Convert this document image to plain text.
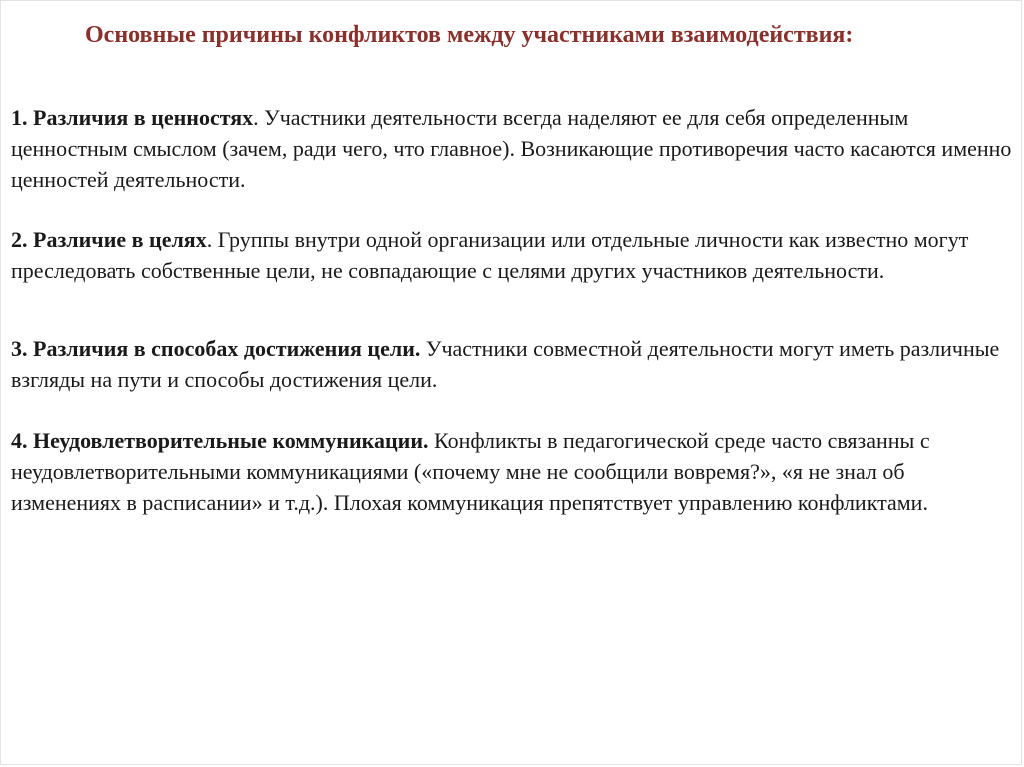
Основные причины конфликтов между участниками взаимодействия:

1. Различия в ценностях. Участники деятельности всегда наделяют ее для себя определенным ценностным смыслом (зачем, ради чего, что главное). Возникающие противоречия часто касаются именно ценностей деятельности.

2. Различие в целях. Группы внутри одной организации или отдельные личности как известно могут преследовать собственные цели, не совпадающие с целями других участников деятельности.

3. Различия в способах достижения цели. Участники совместной деятельности могут иметь различные взгляды на пути и способы достижения цели.

4. Неудовлетворительные коммуникации. Конфликты в педагогической среде часто связанны с неудовлетворительными коммуникациями («почему мне не сообщили вовремя?», «я не знал об изменениях в расписании» и т.д.). Плохая коммуникация препятствует управлению конфликтами.
